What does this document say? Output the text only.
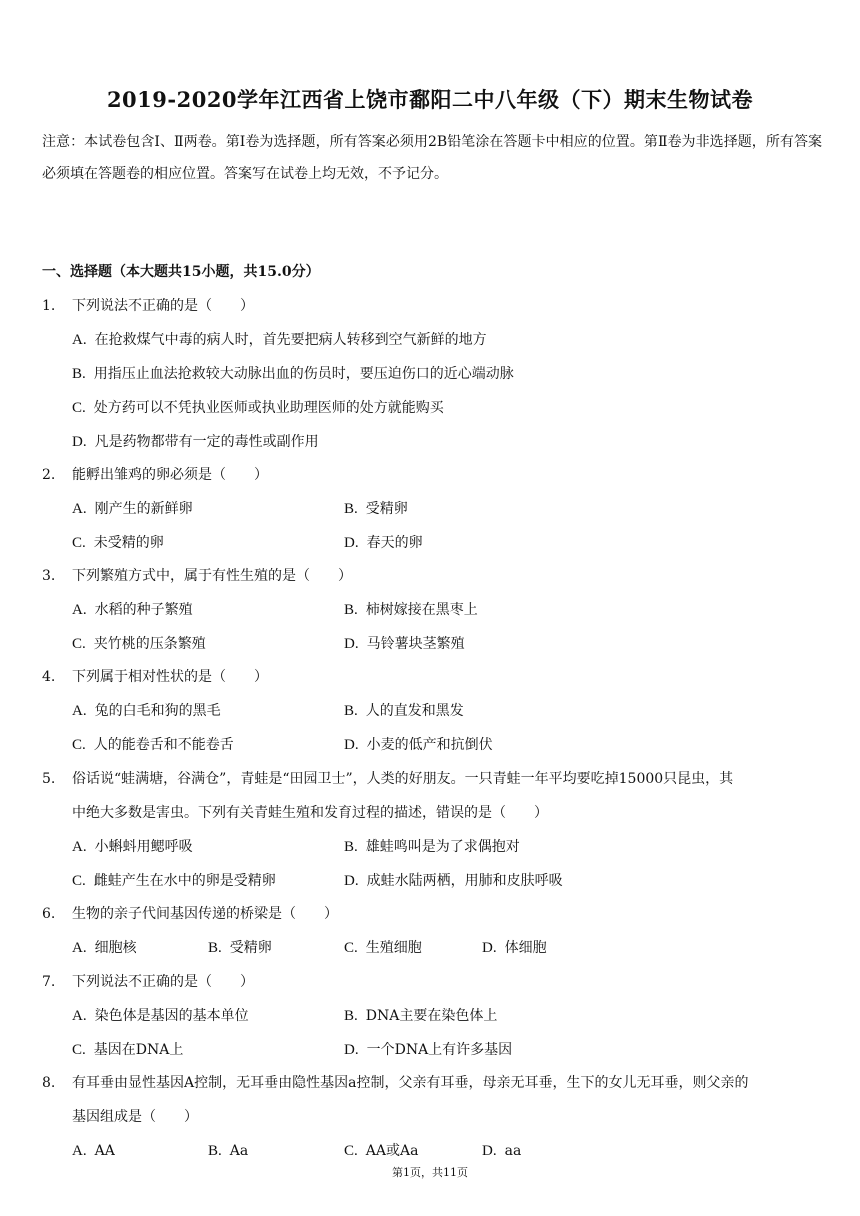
2019-2020学年江西省上饶市鄱阳二中八年级（下）期末生物试卷
注意：本试卷包含Ⅰ、Ⅱ两卷。第Ⅰ卷为选择题，所有答案必须用2B铅笔涂在答题卡中相应的位置。第Ⅱ卷为非选择题，所有答案必须填在答题卷的相应位置。答案写在试卷上均无效，不予记分。
一、选择题（本大题共15小题，共15.0分）
1.	下列说法不正确的是（　　）
A. 在抢救煤气中毒的病人时，首先要把病人转移到空气新鲜的地方
B. 用指压止血法抢救较大动脉出血的伤员时，要压迫伤口的近心端动脉
C. 处方药可以不凭执业医师或执业助理医师的处方就能购买
D. 凡是药物都带有一定的毒性或副作用
2.	能孵出雏鸡的卵必须是（　　）
A. 刚产生的新鲜卵	B. 受精卵
C. 未受精的卵	D. 春天的卵
3.	下列繁殖方式中，属于有性生殖的是（　　）
A. 水稻的种子繁殖	B. 柿树嫁接在黑枣上
C. 夹竹桃的压条繁殖	D. 马铃薯块茎繁殖
4.	下列属于相对性状的是（　　）
A. 兔的白毛和狗的黑毛	B. 人的直发和黑发
C. 人的能卷舌和不能卷舌	D. 小麦的低产和抗倒伏
5.	俗话说“蛙满塘，谷满仓”，青蛙是“田园卫士”，人类的好朋友。一只青蛙一年平均要吃掉15000只昆虫，其
中绝大多数是害虫。下列有关青蛙生殖和发育过程的描述，错误的是（　　）
A. 小蝌蚪用鳃呼吸	B. 雄蛙鸣叫是为了求偶抱对
C. 雌蛙产生在水中的卵是受精卵	D. 成蛙水陆两栖，用肺和皮肤呼吸
6.	生物的亲子代间基因传递的桥梁是（　　）
A. 细胞核	B. 受精卵	C. 生殖细胞	D. 体细胞
7.	下列说法不正确的是（　　）
A. 染色体是基因的基本单位	B. DNA主要在染色体上
C. 基因在DNA上	D. 一个DNA上有许多基因
8.	有耳垂由显性基因A控制，无耳垂由隐性基因a控制，父亲有耳垂，母亲无耳垂，生下的女儿无耳垂，则父亲的
基因组成是（　　）
A. AA	B. Aa	C. AA或Aa	D. aa
第1页，共11页
